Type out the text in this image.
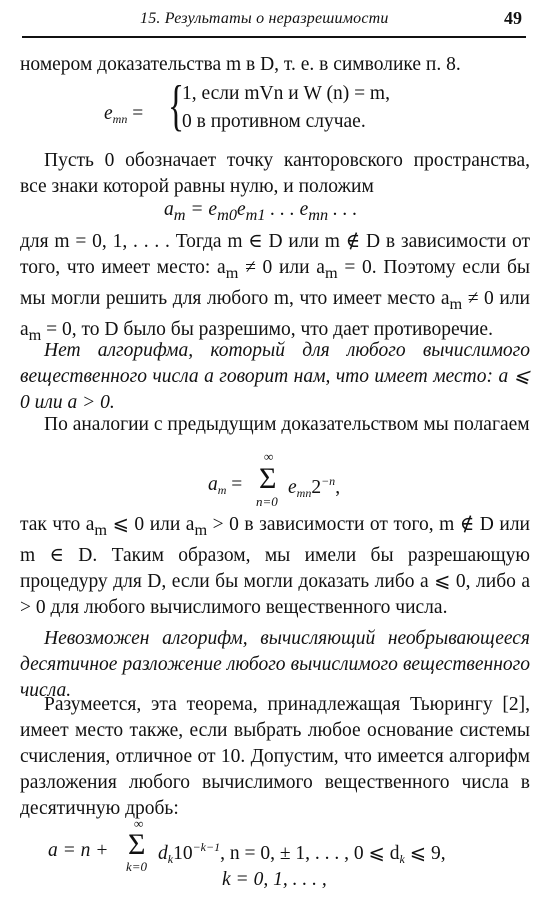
15. Результаты о неразрешимости	49
номером доказательства m в D, т. е. в символике п. 8.
$e_{mn}$ = {
1, если mVn и W (n) = m,
0 в противном случае.
Пусть 0 обозначает точку канторовского пространства, все знаки которой равны нулю, и положим
$a_m = e_{m0}e_{m1}$ . . . $e_{mn}$ . . .
для m = 0, 1, . . . . Тогда m ∈ D или m ∉ D в зависимости от того, что имеет место: $a_m \ne 0$ или $a_m = 0$. Поэтому если бы мы могли решить для любого m, что имеет место $a_m \ne 0$ или $a_m = 0$, то D было бы разрешимо, что дает противоречие.
Нет алгорифма, который для любого вычислимого вещественного числа a говорит нам, что имеет место: a ⩽ 0 или a > 0.
По аналогии с предыдущим доказательством мы полагаем
$a_m$ =
∞
Σ
n=0
$e_{mn}2^{-n}$,
так что $a_m$ ⩽ 0 или $a_m > 0$ в зависимости от того, m ∉ D или m ∈ D. Таким образом, мы имели бы разрешающую процедуру для D, если бы могли доказать либо a ⩽ 0, либо a > 0 для любого вычислимого вещественного числа.
Невозможен алгорифм, вычисляющий необрывающееся десятичное разложение любого вычислимого вещественного числа.
Разумеется, эта теорема, принадлежащая Тьюрингу [2], имеет место также, если выбрать любое основание системы счисления, отличное от 10. Допустим, что имеется алгорифм разложения любого вычислимого вещественного числа в десятичную дробь:
a = n +
∞
Σ
k=0
$d_k10^{-k-1}$, n = 0, ± 1, . . . , 0 ⩽ $d_k$ ⩽ 9,
k = 0, 1, . . . ,
